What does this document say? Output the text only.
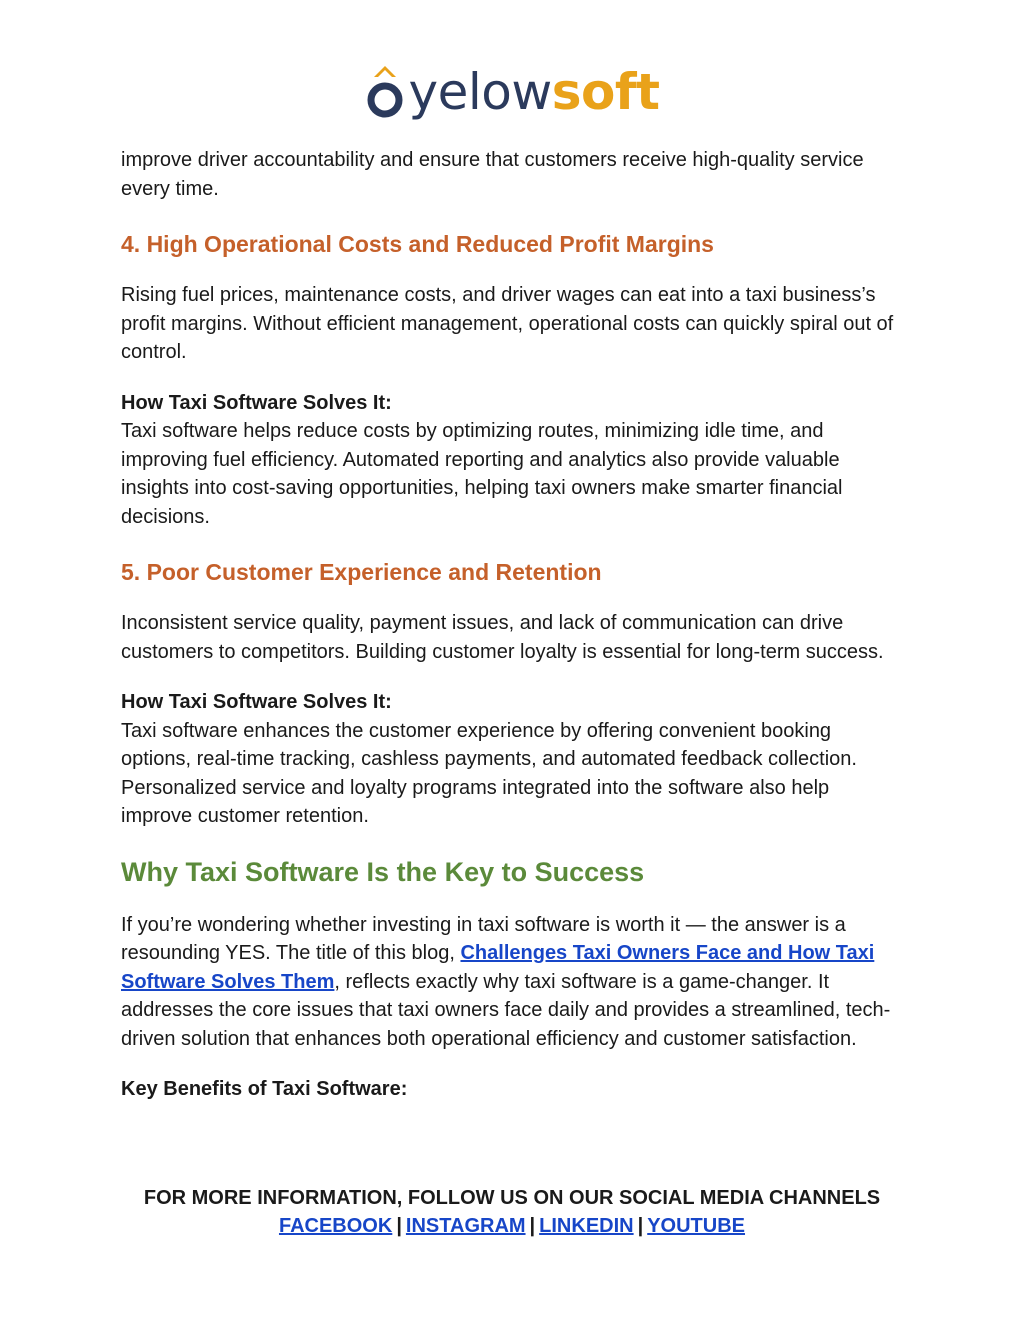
yelowsoft

improve driver accountability and ensure that customers receive high-quality service every time.

4. High Operational Costs and Reduced Profit Margins

Rising fuel prices, maintenance costs, and driver wages can eat into a taxi business’s profit margins. Without efficient management, operational costs can quickly spiral out of control.

How Taxi Software Solves It:

Taxi software helps reduce costs by optimizing routes, minimizing idle time, and improving fuel efficiency. Automated reporting and analytics also provide valuable insights into cost-saving opportunities, helping taxi owners make smarter financial decisions.

5. Poor Customer Experience and Retention

Inconsistent service quality, payment issues, and lack of communication can drive customers to competitors. Building customer loyalty is essential for long-term success.

How Taxi Software Solves It:

Taxi software enhances the customer experience by offering convenient booking options, real-time tracking, cashless payments, and automated feedback collection. Personalized service and loyalty programs integrated into the software also help improve customer retention.

Why Taxi Software Is the Key to Success

If you’re wondering whether investing in taxi software is worth it — the answer is a resounding YES. The title of this blog, Challenges Taxi Owners Face and How Taxi Software Solves Them, reflects exactly why taxi software is a game-changer. It addresses the core issues that taxi owners face daily and provides a streamlined, tech-driven solution that enhances both operational efficiency and customer satisfaction.

Key Benefits of Taxi Software:

FOR MORE INFORMATION, FOLLOW US ON OUR SOCIAL MEDIA CHANNELS
FACEBOOK | INSTAGRAM | LINKEDIN | YOUTUBE
